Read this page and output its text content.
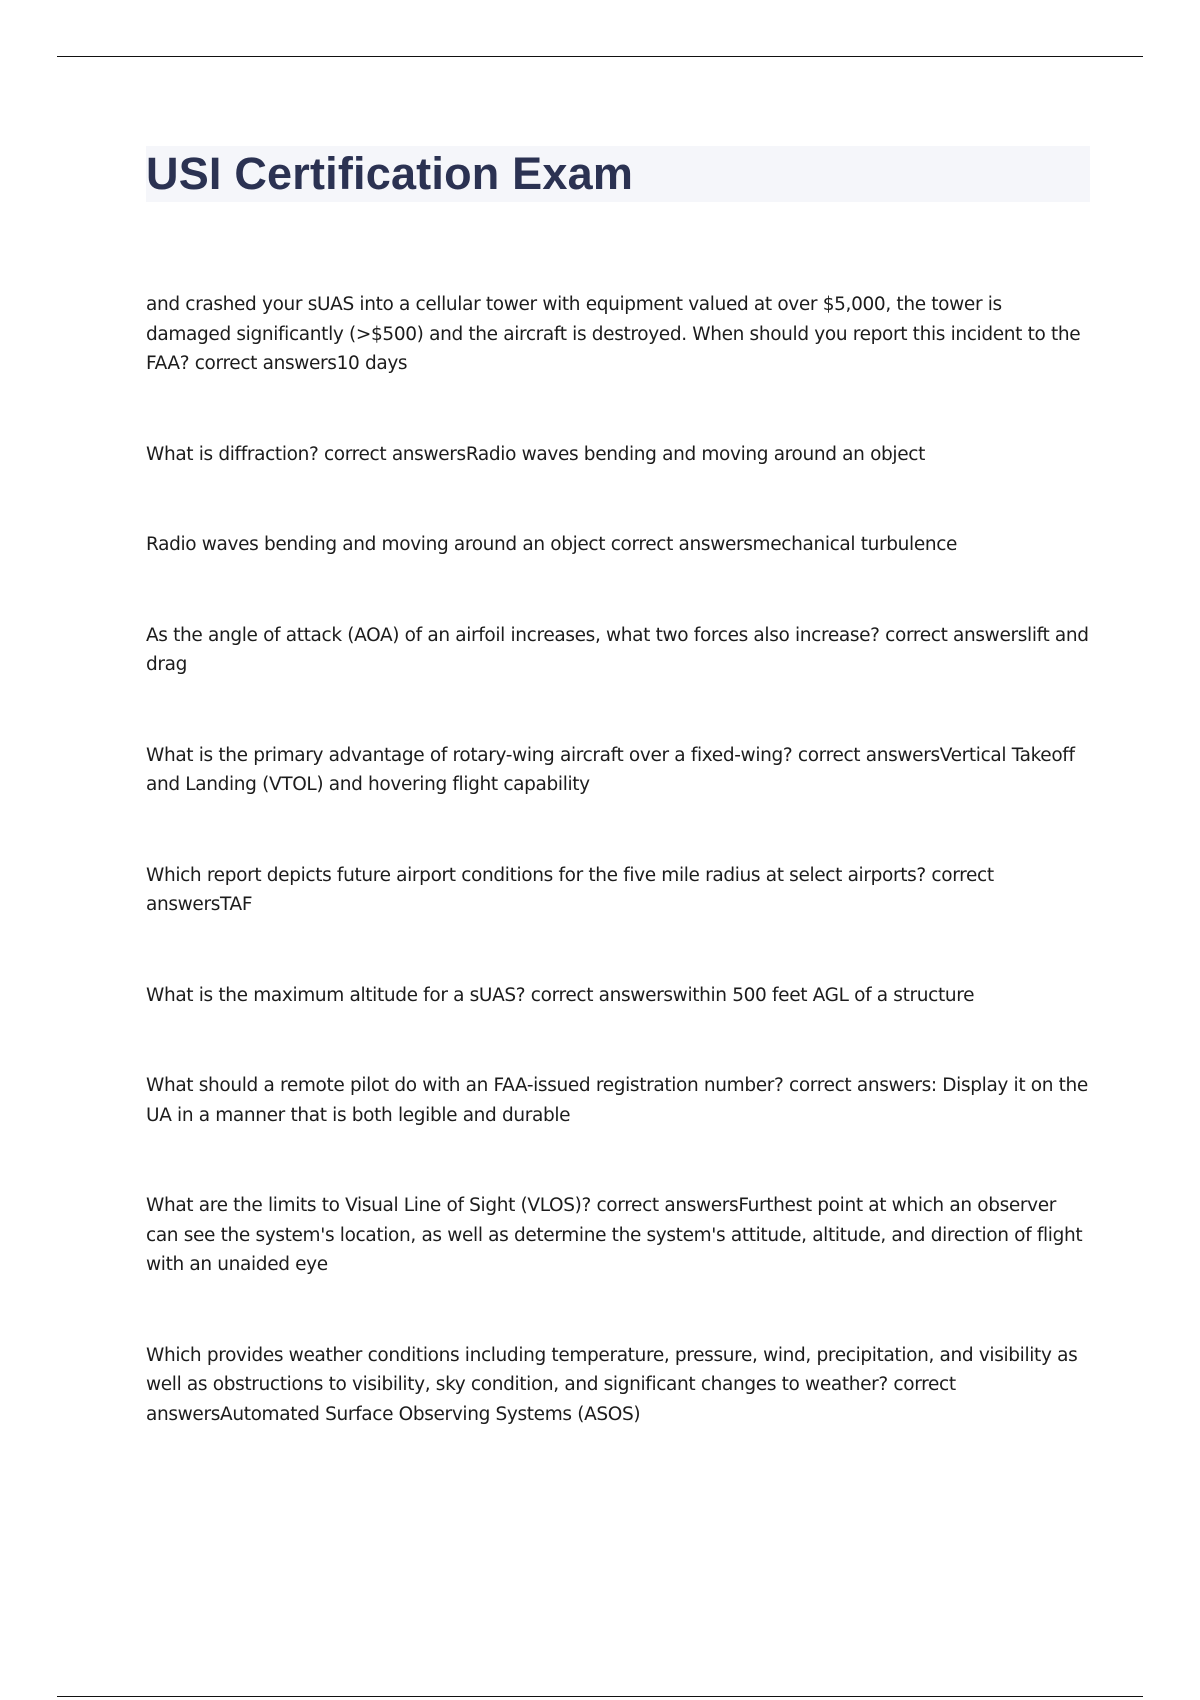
USI Certification Exam

and crashed your sUAS into a cellular tower with equipment valued at over $5,000, the tower is damaged significantly (>$500) and the aircraft is destroyed. When should you report this incident to the FAA? correct answers10 days

What is diffraction? correct answersRadio waves bending and moving around an object

Radio waves bending and moving around an object correct answersmechanical turbulence

As the angle of attack (AOA) of an airfoil increases, what two forces also increase? correct answerslift and drag

What is the primary advantage of rotary-wing aircraft over a fixed-wing? correct answersVertical Takeoff and Landing (VTOL) and hovering flight capability

Which report depicts future airport conditions for the five mile radius at select airports? correct answersTAF

What is the maximum altitude for a sUAS? correct answerswithin 500 feet AGL of a structure

What should a remote pilot do with an FAA-issued registration number? correct answers: Display it on the UA in a manner that is both legible and durable

What are the limits to Visual Line of Sight (VLOS)? correct answersFurthest point at which an observer can see the system's location, as well as determine the system's attitude, altitude, and direction of flight with an unaided eye

Which provides weather conditions including temperature, pressure, wind, precipitation, and visibility as well as obstructions to visibility, sky condition, and significant changes to weather? correct answersAutomated Surface Observing Systems (ASOS)
